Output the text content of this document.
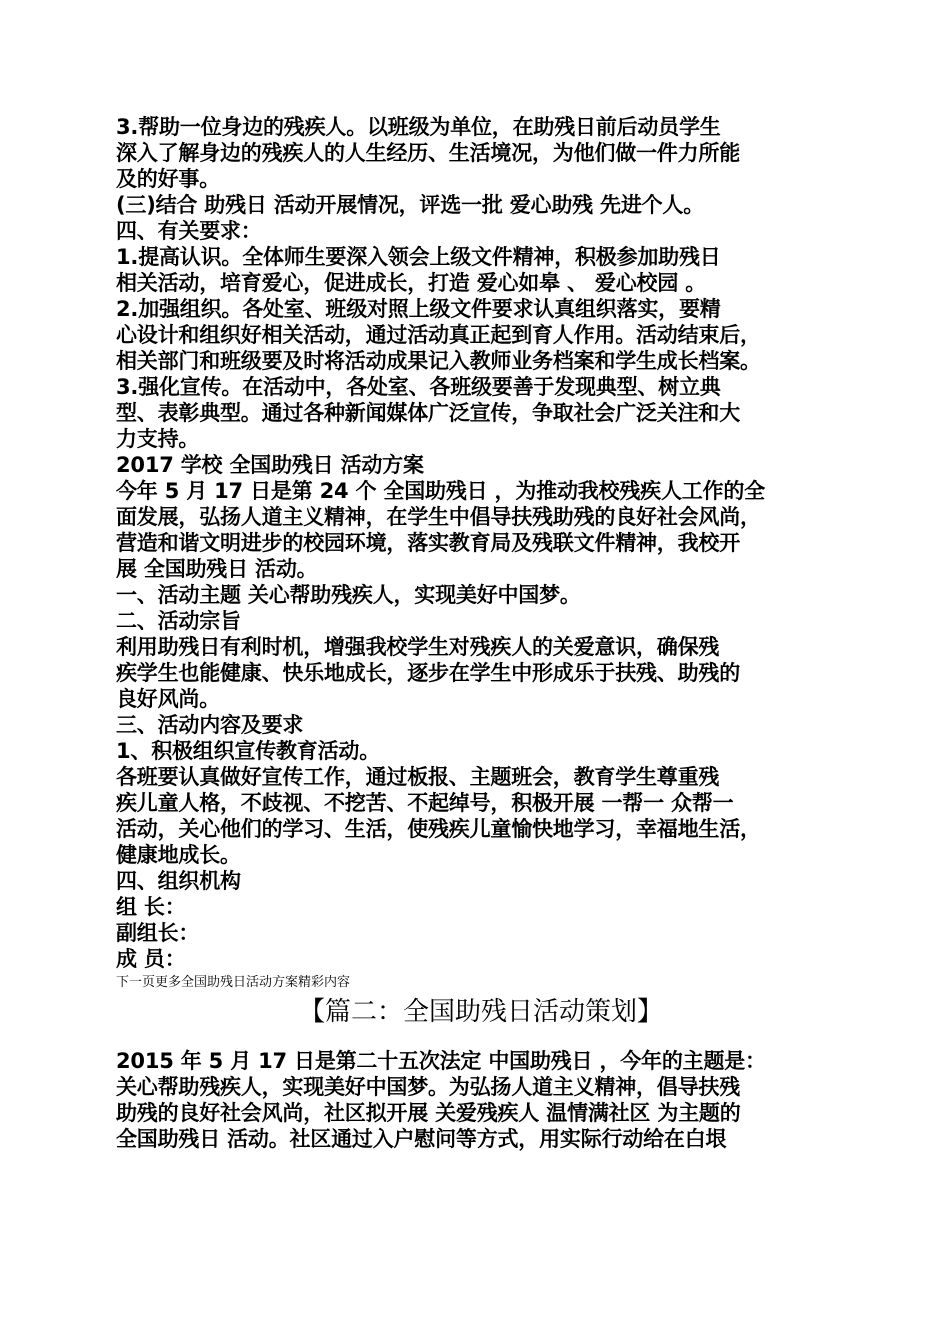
3.帮助一位身边的残疾人。以班级为单位，在助残日前后动员学生
深入了解身边的残疾人的人生经历、生活境况，为他们做一件力所能
及的好事。
(三)结合 助残日 活动开展情况，评选一批 爱心助残 先进个人。
四、有关要求：
1.提高认识。全体师生要深入领会上级文件精神，积极参加助残日
相关活动，培育爱心，促进成长，打造 爱心如皋 、 爱心校园 。
2.加强组织。各处室、班级对照上级文件要求认真组织落实，要精
心设计和组织好相关活动，通过活动真正起到育人作用。活动结束后，
相关部门和班级要及时将活动成果记入教师业务档案和学生成长档案。
3.强化宣传。在活动中，各处室、各班级要善于发现典型、树立典
型、表彰典型。通过各种新闻媒体广泛宣传，争取社会广泛关注和大
力支持。
2017 学校 全国助残日 活动方案
今年 5 月 17 日是第 24 个 全国助残日 ，为推动我校残疾人工作的全
面发展，弘扬人道主义精神，在学生中倡导扶残助残的良好社会风尚，
营造和谐文明进步的校园环境，落实教育局及残联文件精神，我校开
展 全国助残日 活动。
一、活动主题 关心帮助残疾人，实现美好中国梦。
二、活动宗旨
利用助残日有利时机，增强我校学生对残疾人的关爱意识，确保残
疾学生也能健康、快乐地成长，逐步在学生中形成乐于扶残、助残的
良好风尚。
三、活动内容及要求
1、积极组织宣传教育活动。
各班要认真做好宣传工作，通过板报、主题班会，教育学生尊重残
疾儿童人格，不歧视、不挖苦、不起绰号，积极开展 一帮一 众帮一
活动，关心他们的学习、生活，使残疾儿童愉快地学习，幸福地生活，
健康地成长。
四、组织机构
组 长：
副组长：
成 员：
下一页更多全国助残日活动方案精彩内容
【篇二：全国助残日活动策划】
2015 年 5 月 17 日是第二十五次法定 中国助残日 ，今年的主题是：
关心帮助残疾人，实现美好中国梦。为弘扬人道主义精神，倡导扶残
助残的良好社会风尚，社区拟开展 关爱残疾人 温情满社区 为主题的
全国助残日 活动。社区通过入户慰问等方式，用实际行动给在白垠
